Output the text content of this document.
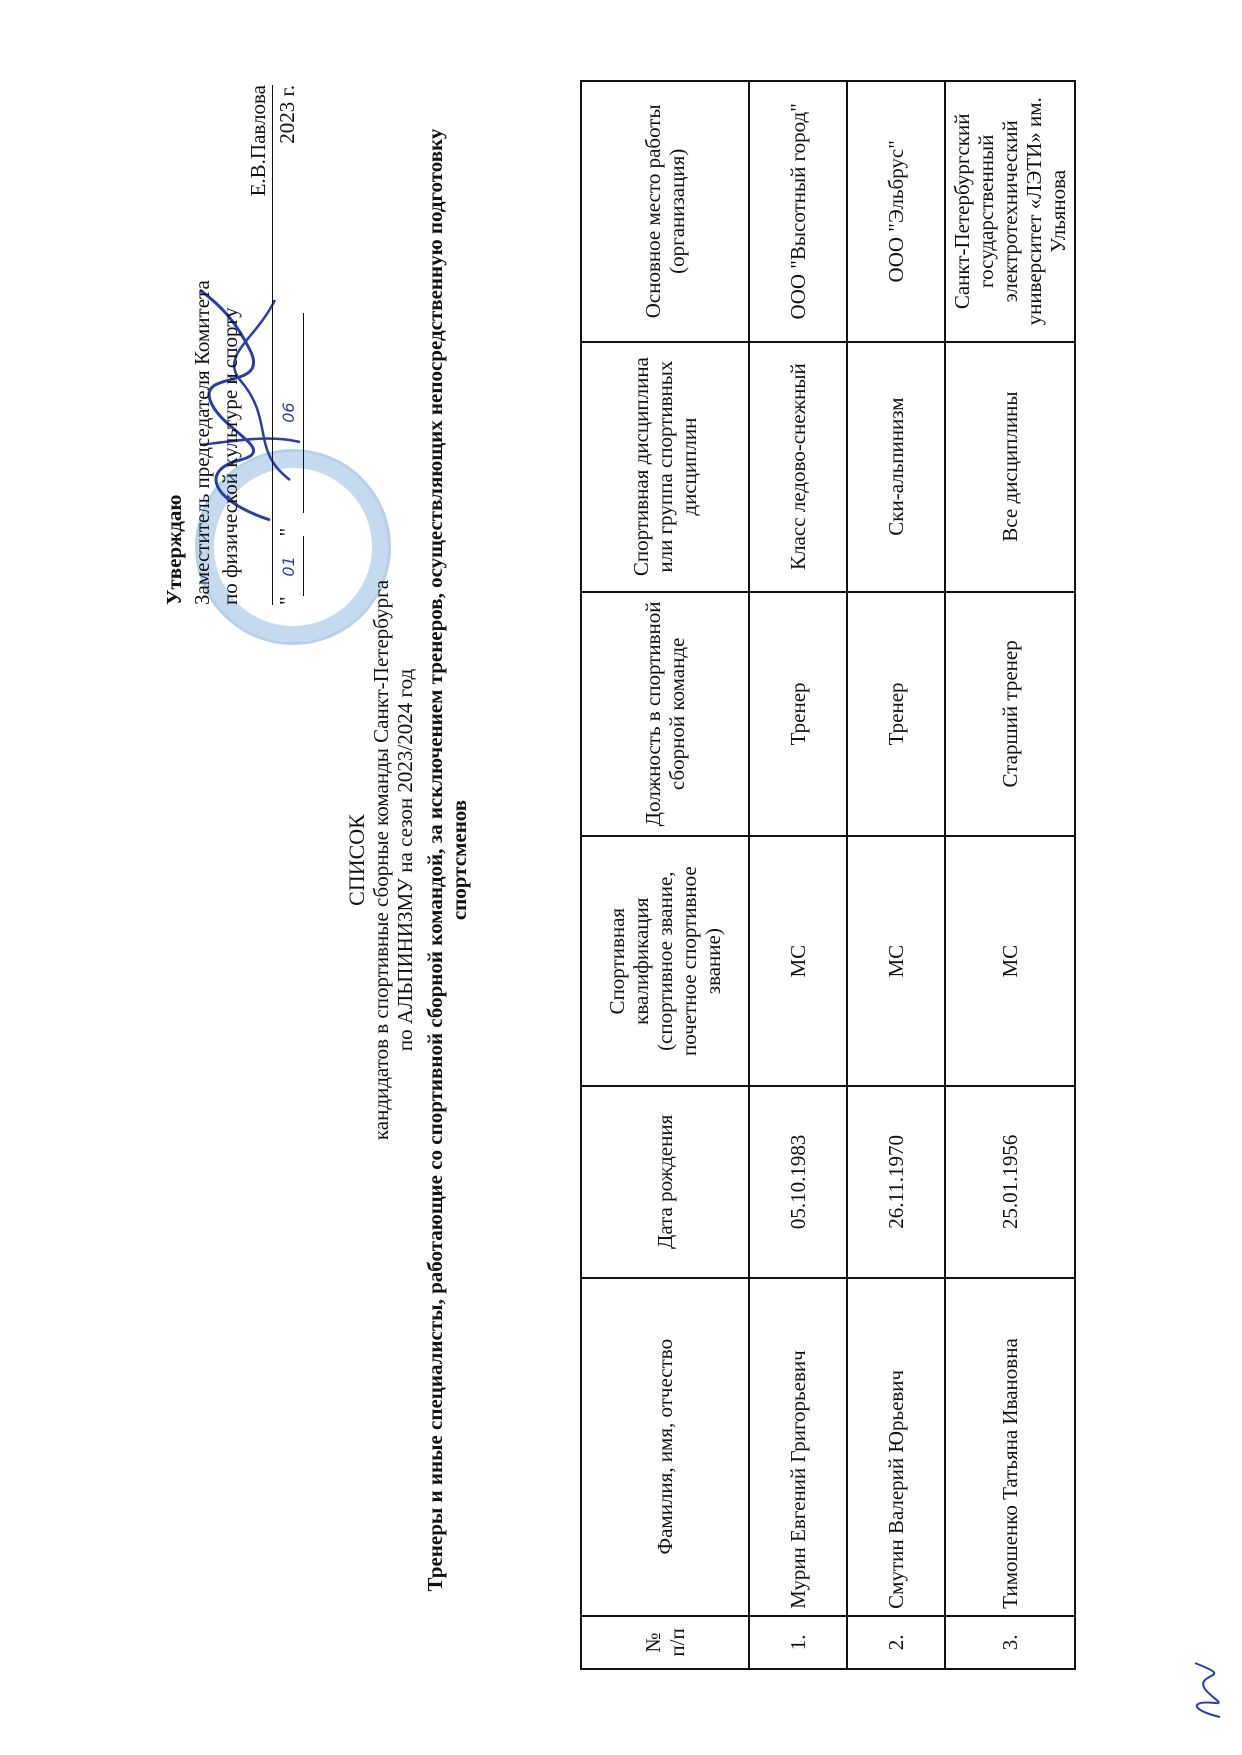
Утверждаю Заместитель председателя Комитета по физической культуре и спорту
Е.В.Павлова
"01" 06
2023 г.
СПИСОК кандидатов в спортивные сборные команды Санкт-Петербурга по АЛЬПИНИЗМУ на сезон 2023/2024 год Тренеры и иные специалисты, работающие со спортивной сборной командой, за исключением тренеров, осуществляющих непосредственную подготовку спортсменов
№ п/п	Фамилия, имя, отчество	Дата рождения	Спортивная квалификация (спортивное звание, почетное спортивное звание)	Должность в спортивной сборной команде	Спортивная дисциплина или группа спортивных дисциплин	Основное место работы (организация)
1.	Мурин Евгений Григорьевич	05.10.1983	МС	Тренер	Класс ледово-снежный	ООО "Высотный город"
2.	Смутин Валерий Юрьевич	26.11.1970	МС	Тренер	Ски-альпинизм	ООО "Эльбрус"
3.	Тимошенко Татьяна Ивановна	25.01.1956	МС	Старший тренер	Все дисциплины	Санкт-Петербургский государственный электротехнический университет «ЛЭТИ» им. Ульянова
